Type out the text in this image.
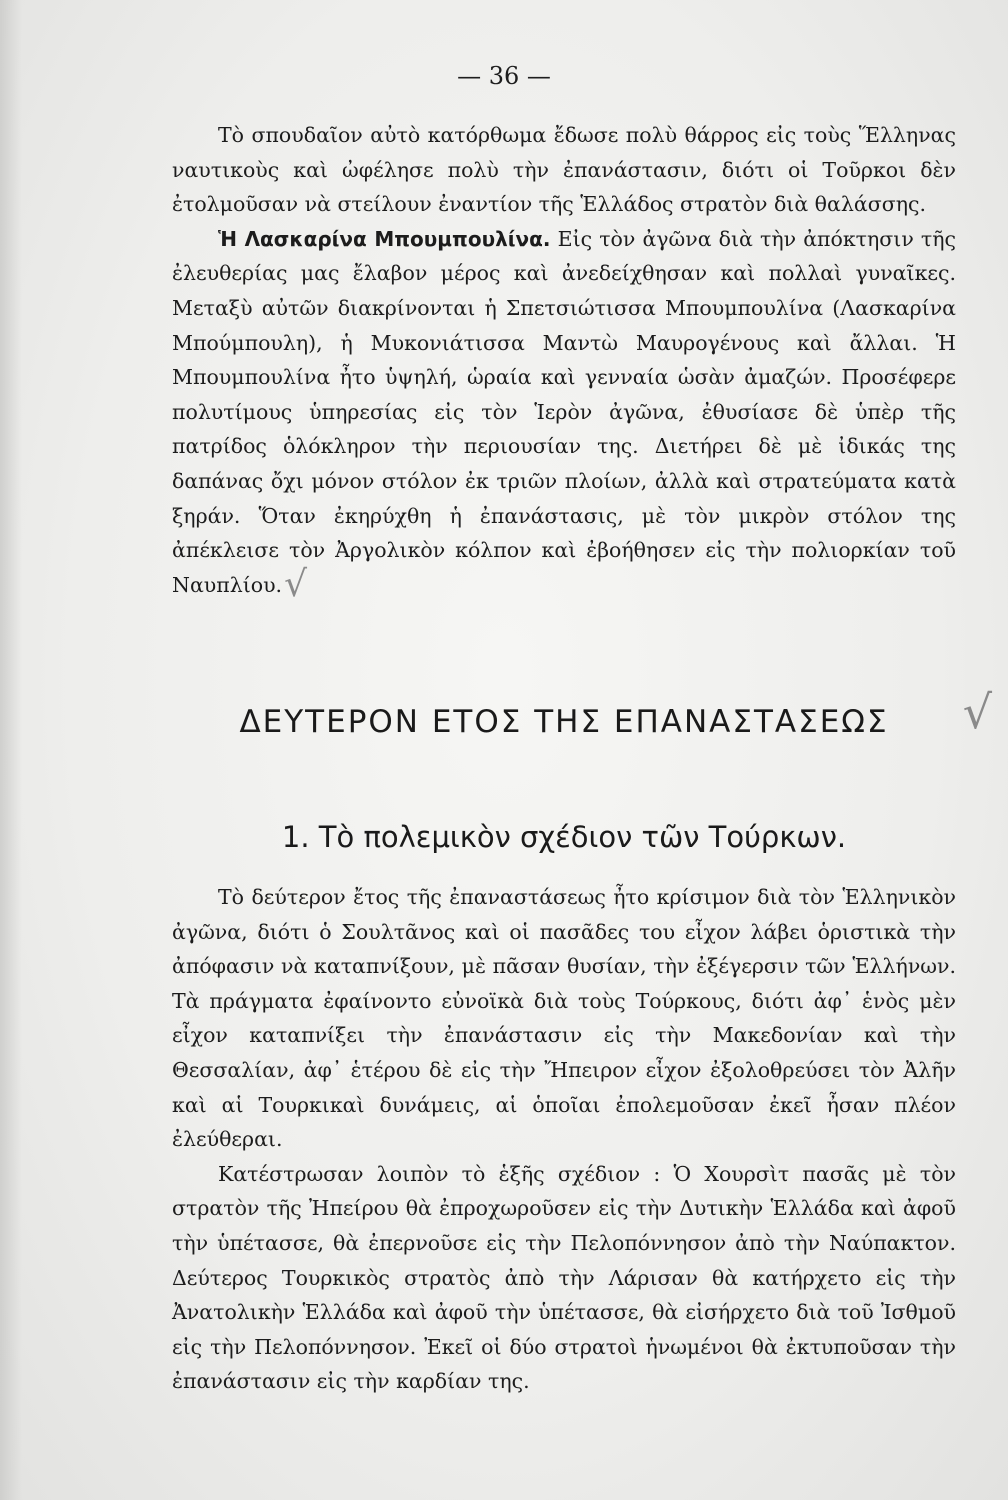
— 36 —

Τὸ σπουδαῖον αὐτὸ κατόρθωμα ἔδωσε πολὺ θάρρος εἰς τοὺς Ἕλληνας ναυτικοὺς καὶ ὠφέλησε πολὺ τὴν ἐπανάστασιν, διότι οἱ Τοῦρκοι δὲν ἐτολμοῦσαν νὰ στείλουν ἐναντίον τῆς Ἑλλάδος στρατὸν διὰ θαλάσσης.

Ἡ Λασκαρίνα Μπουμπουλίνα. Εἰς τὸν ἀγῶνα διὰ τὴν ἀπόκτησιν τῆς ἐλευθερίας μας ἔλαβον μέρος καὶ ἀνεδείχθησαν καὶ πολλαὶ γυναῖκες. Μεταξὺ αὐτῶν διακρίνονται ἡ Σπετσιώτισσα Μπουμπουλίνα (Λασκαρίνα Μπούμπουλη), ἡ Μυκονιάτισσα Μαντὼ Μαυρογένους καὶ ἄλλαι. Ἡ Μπουμπουλίνα ἦτο ὑψηλή, ὡραία καὶ γενναία ὡσὰν ἀμαζών. Προσέφερε πολυτίμους ὑπηρεσίας εἰς τὸν Ἱερὸν ἀγῶνα, ἐθυσίασε δὲ ὑπὲρ τῆς πατρίδος ὁλόκληρον τὴν περιουσίαν της. Διετήρει δὲ μὲ ἰδικάς της δαπάνας ὄχι μόνον στόλον ἐκ τριῶν πλοίων, ἀλλὰ καὶ στρατεύματα κατὰ ξηράν. Ὅταν ἐκηρύχθη ἡ ἐπανάστασις, μὲ τὸν μικρὸν στόλον της ἀπέκλεισε τὸν Ἀργολικὸν κόλπον καὶ ἐβοήθησεν εἰς τὴν πολιορκίαν τοῦ Ναυπλίου.√

ΔΕΥΤΕΡΟΝ ΕΤΟΣ ΤΗΣ ΕΠΑΝΑΣΤΑΣΕΩΣ √
1. Τὸ πολεμικὸν σχέδιον τῶν Τούρκων.

Τὸ δεύτερον ἔτος τῆς ἐπαναστάσεως ἦτο κρίσιμον διὰ τὸν Ἑλληνικὸν ἀγῶνα, διότι ὁ Σουλτᾶνος καὶ οἱ πασᾶδες του εἶχον λάβει ὁριστικὰ τὴν ἀπόφασιν νὰ καταπνίξουν, μὲ πᾶσαν θυσίαν, τὴν ἐξέγερσιν τῶν Ἑλλήνων. Τὰ πράγματα ἐφαίνοντο εὐνοϊκὰ διὰ τοὺς Τούρκους, διότι ἀφ᾿ ἑνὸς μὲν εἶχον καταπνίξει τὴν ἐπανάστασιν εἰς τὴν Μακεδονίαν καὶ τὴν Θεσσαλίαν, ἀφ᾿ ἑτέρου δὲ εἰς τὴν Ἤπειρον εἶχον ἐξολοθρεύσει τὸν Ἀλῆν καὶ αἱ Τουρκικαὶ δυνάμεις, αἱ ὁποῖαι ἐπολεμοῦσαν ἐκεῖ ἦσαν πλέον ἐλεύθεραι.

Κατέστρωσαν λοιπὸν τὸ ἑξῆς σχέδιον : Ὁ Χουρσὶτ πασᾶς μὲ τὸν στρατὸν τῆς Ἠπείρου θὰ ἐπροχωροῦσεν εἰς τὴν Δυτικὴν Ἑλλάδα καὶ ἀφοῦ τὴν ὑπέτασσε, θὰ ἐπερνοῦσε εἰς τὴν Πελοπόννησον ἀπὸ τὴν Ναύπακτον. Δεύτερος Τουρκικὸς στρατὸς ἀπὸ τὴν Λάρισαν θὰ κατήρχετο εἰς τὴν Ἀνατολικὴν Ἑλλάδα καὶ ἀφοῦ τὴν ὑπέτασσε, θὰ εἰσήρχετο διὰ τοῦ Ἰσθμοῦ εἰς τὴν Πελοπόννησον. Ἐκεῖ οἱ δύο στρατοὶ ἡνωμένοι θὰ ἐκτυποῦσαν τὴν ἐπανάστασιν εἰς τὴν καρδίαν της.
